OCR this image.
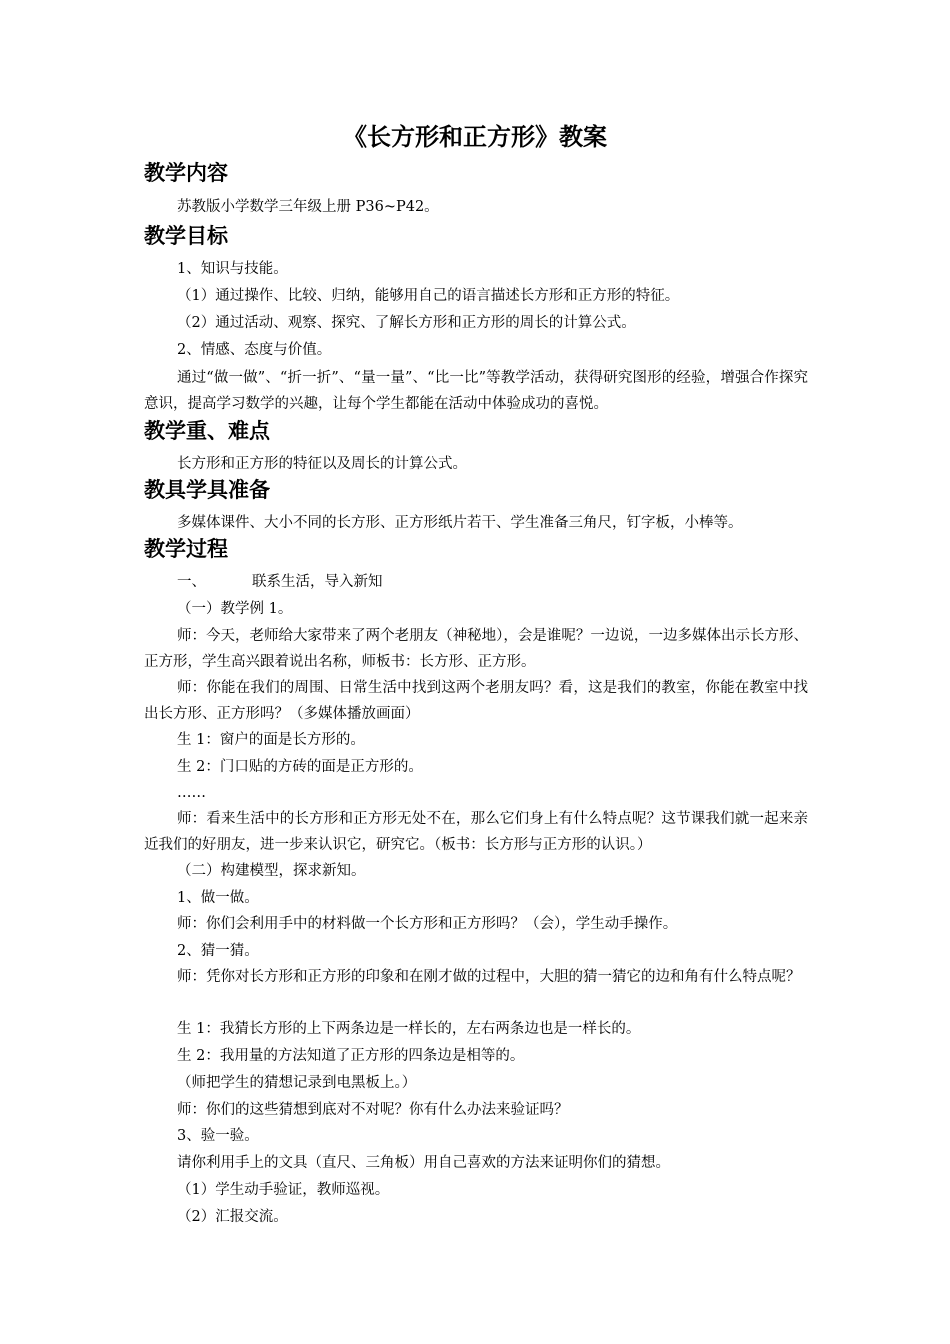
《长方形和正方形》教案
教学内容
苏教版小学数学三年级上册 P36~P42。
教学目标
1、知识与技能。
（1）通过操作、比较、归纳，能够用自己的语言描述长方形和正方形的特征。
（2）通过活动、观察、探究、了解长方形和正方形的周长的计算公式。
2、情感、态度与价值。
通过“做一做”、“折一折”、“量一量”、“比一比”等教学活动，获得研究图形的经验，增强合作探究意识，提高学习数学的兴趣，让每个学生都能在活动中体验成功的喜悦。
教学重、难点
长方形和正方形的特征以及周长的计算公式。
教具学具准备
多媒体课件、大小不同的长方形、正方形纸片若干、学生准备三角尺，钉字板，小棒等。
教学过程
一、	联系生活，导入新知
（一）教学例 1。
师：今天，老师给大家带来了两个老朋友（神秘地），会是谁呢？一边说，一边多媒体出示长方形、正方形，学生高兴跟着说出名称，师板书：长方形、正方形。
师：你能在我们的周围、日常生活中找到这两个老朋友吗？看，这是我们的教室，你能在教室中找出长方形、正方形吗？（多媒体播放画面）
生 1：窗户的面是长方形的。
生 2：门口贴的方砖的面是正方形的。
……
师：看来生活中的长方形和正方形无处不在，那么它们身上有什么特点呢？这节课我们就一起来亲近我们的好朋友，进一步来认识它，研究它。（板书：长方形与正方形的认识。）
（二）构建模型，探求新知。
1、做一做。
师：你们会利用手中的材料做一个长方形和正方形吗？（会），学生动手操作。
2、猜一猜。
师：凭你对长方形和正方形的印象和在刚才做的过程中，大胆的猜一猜它的边和角有什么特点呢？
生 1：我猜长方形的上下两条边是一样长的，左右两条边也是一样长的。
生 2：我用量的方法知道了正方形的四条边是相等的。
（师把学生的猜想记录到电黑板上。）
师：你们的这些猜想到底对不对呢？你有什么办法来验证吗？
3、验一验。
请你利用手上的文具（直尺、三角板）用自己喜欢的方法来证明你们的猜想。
（1）学生动手验证，教师巡视。
（2）汇报交流。
